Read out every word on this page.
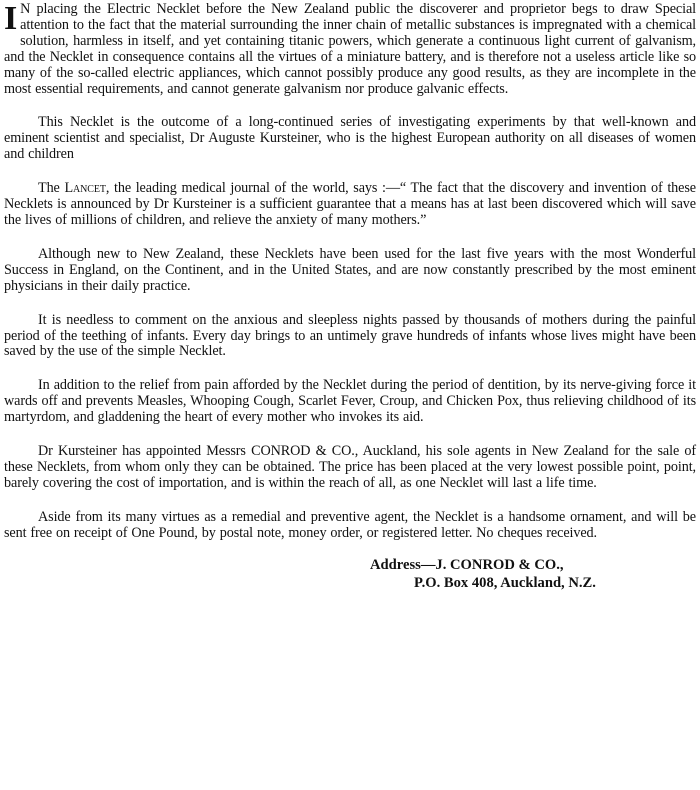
I N placing the Electric Necklet before the New Zealand public the discoverer and proprietor begs to draw Special attention to the fact that the material surrounding the inner chain of metallic substances is impregnated with a chemical solution, harmless in itself, and yet containing titanic powers, which generate a continuous light current of galvanism, and the Necklet in consequence contains all the virtues of a miniature battery, and is therefore not a useless article like so many of the so-called electric appliances, which cannot possibly produce any good results, as they are incomplete in the most essential requirements, and cannot generate galvanism nor produce galvanic effects.

This Necklet is the outcome of a long-continued series of investigating experiments by that well-known and eminent scientist and specialist, Dr Auguste Kursteiner, who is the highest European authority on all diseases of women and children

The Lancet, the leading medical journal of the world, says :—“ The fact that the discovery and invention of these Necklets is announced by Dr Kursteiner is a sufficient guarantee that a means has at last been discovered which will save the lives of millions of children, and relieve the anxiety of many mothers.”

Although new to New Zealand, these Necklets have been used for the last five years with the most Wonderful Success in England, on the Continent, and in the United States, and are now constantly prescribed by the most eminent physicians in their daily practice.

It is needless to comment on the anxious and sleepless nights passed by thousands of mothers during the painful period of the teething of infants. Every day brings to an untimely grave hundreds of infants whose lives might have been saved by the use of the simple Necklet.

In addition to the relief from pain afforded by the Necklet during the period of dentition, by its nerve-giving force it wards off and prevents Measles, Whooping Cough, Scarlet Fever, Croup, and Chicken Pox, thus relieving childhood of its martyrdom, and gladdening the heart of every mother who invokes its aid.

Dr Kursteiner has appointed Messrs CONROD & CO., Auckland, his sole agents in New Zealand for the sale of these Necklets, from whom only they can be obtained. The price has been placed at the very lowest possible point, point, barely covering the cost of importation, and is within the reach of all, as one Necklet will last a life time.

Aside from its many virtues as a remedial and preventive agent, the Necklet is a handsome ornament, and will be sent free on receipt of One Pound, by postal note, money order, or registered letter. No cheques received.

Address—J. CONROD & CO.,
P.O. Box 408, Auckland, N.Z.
